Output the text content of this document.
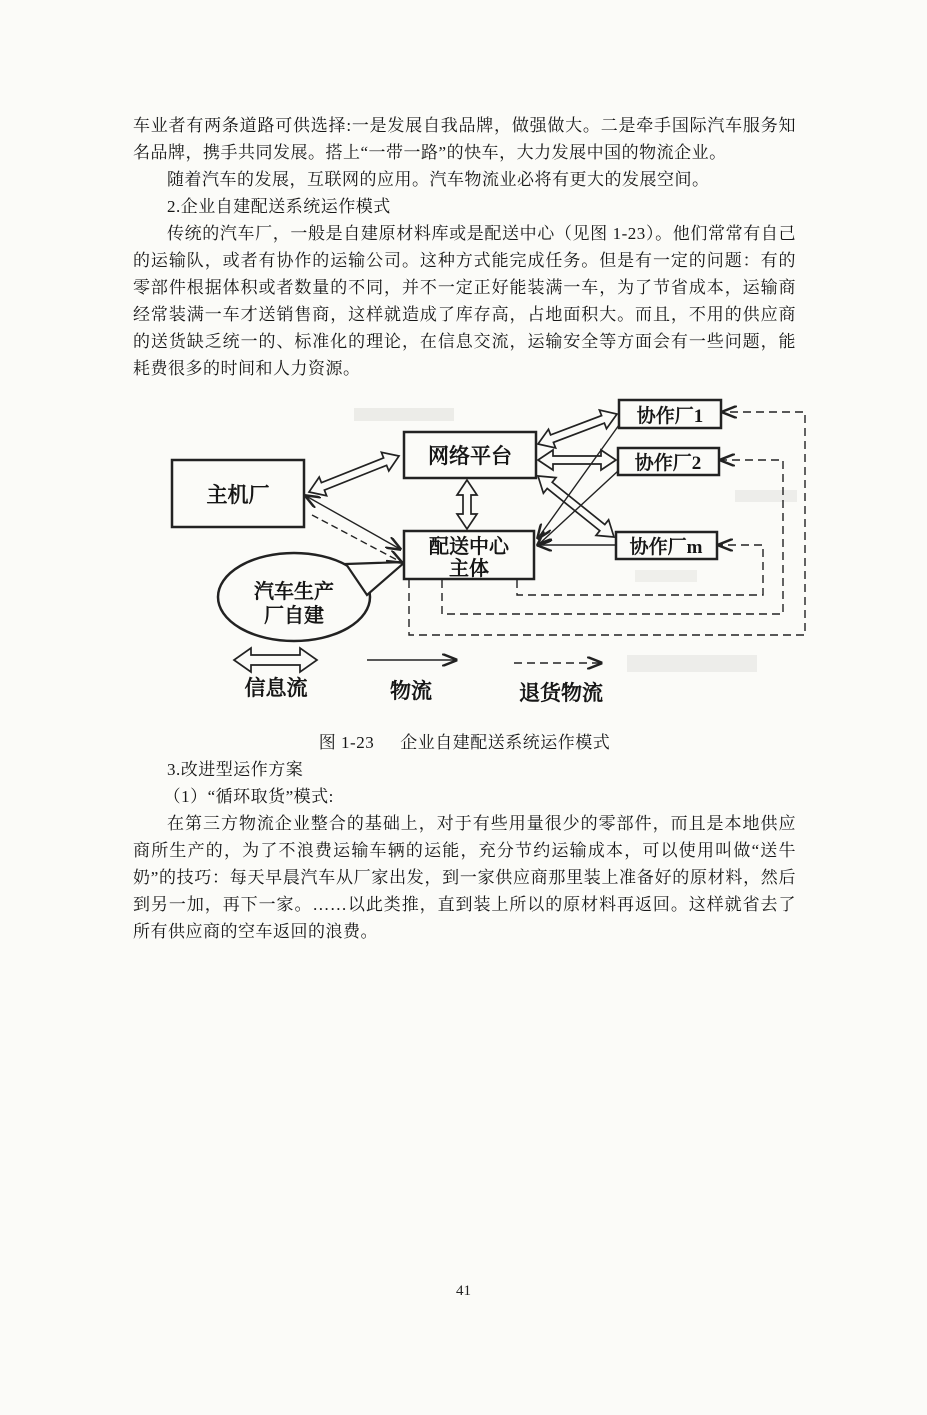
车业者有两条道路可供选择:一是发展自我品牌，做强做大。二是牵手国际汽车服务知名品牌，携手共同发展。搭上“一带一路”的快车，大力发展中国的物流企业。

随着汽车的发展，互联网的应用。汽车物流业必将有更大的发展空间。

2.企业自建配送系统运作模式

传统的汽车厂，一般是自建原材料库或是配送中心（见图 1-23）。他们常常有自己的运输队，或者有协作的运输公司。这种方式能完成任务。但是有一定的问题：有的零部件根据体积或者数量的不同，并不一定正好能装满一车，为了节省成本，运输商经常装满一车才送销售商，这样就造成了库存高，占地面积大。而且，不用的供应商的送货缺乏统一的、标准化的理论，在信息交流，运输安全等方面会有一些问题，能耗费很多的时间和人力资源。

汽车生产
厂自建
主机厂
网络平台
配送中心
主体
协作厂1
协作厂2
协作厂m
信息流	物流	退货物流
图 1-23 企业自建配送系统运作模式

3.改进型运作方案

（1）“循环取货”模式:

在第三方物流企业整合的基础上，对于有些用量很少的零部件，而且是本地供应商所生产的，为了不浪费运输车辆的运能，充分节约运输成本，可以使用叫做“送牛奶”的技巧：每天早晨汽车从厂家出发，到一家供应商那里装上准备好的原材料，然后到另一加，再下一家。……以此类推，直到装上所以的原材料再返回。这样就省去了所有供应商的空车返回的浪费。

41
